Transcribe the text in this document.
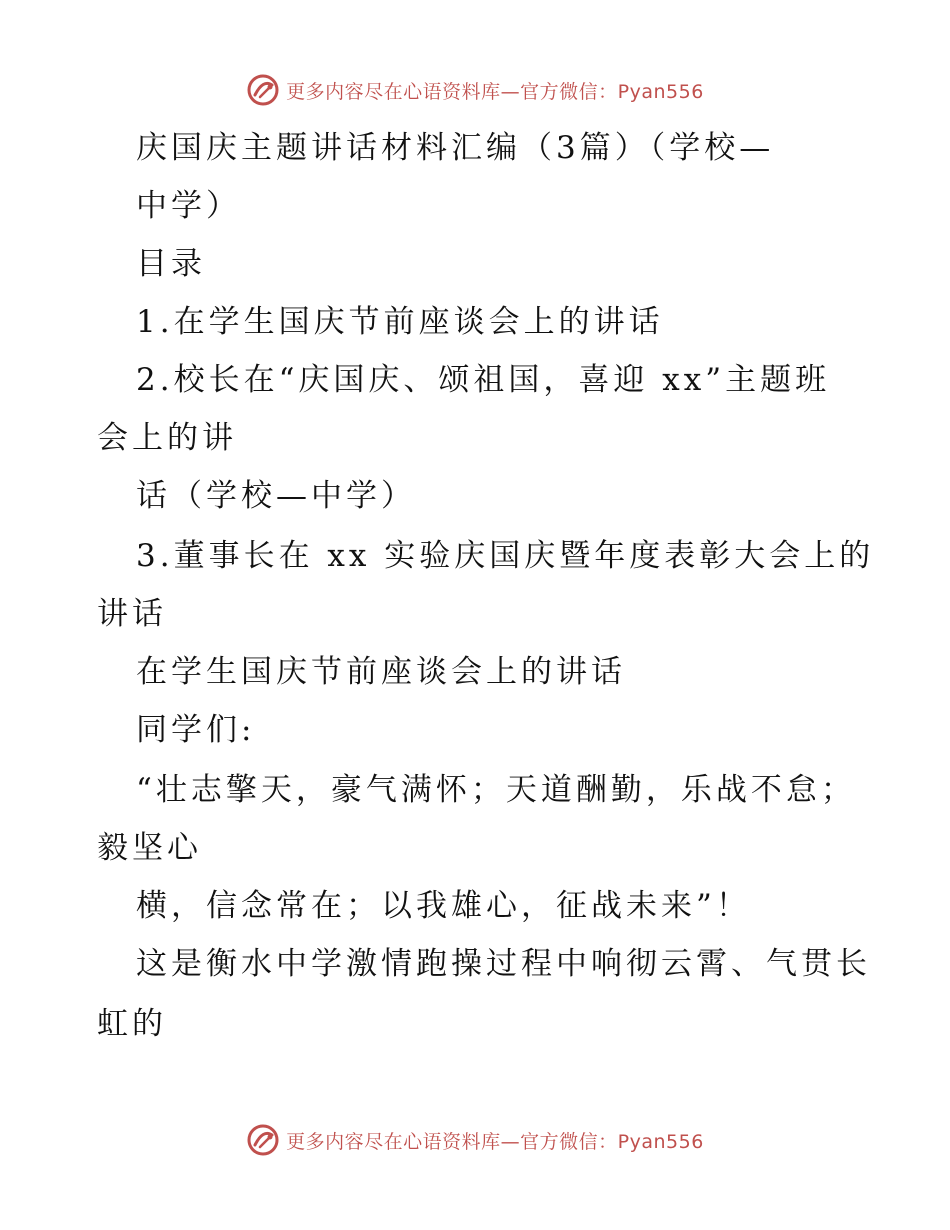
更多内容尽在心语资料库—官方微信：Pyan556
庆国庆主题讲话材料汇编（3篇）（学校—
中学）
目录
1.在学生国庆节前座谈会上的讲话
2.校长在“庆国庆、颂祖国，喜迎 xx”主题班
会上的讲
话（学校—中学）
3.董事长在 xx 实验庆国庆暨年度表彰大会上的
讲话
在学生国庆节前座谈会上的讲话
同学们:
“壮志擎天，豪气满怀；天道酬勤，乐战不怠；
毅坚心
横，信念常在；以我雄心，征战未来”！
这是衡水中学激情跑操过程中响彻云霄、气贯长
虹的
更多内容尽在心语资料库—官方微信：Pyan556
